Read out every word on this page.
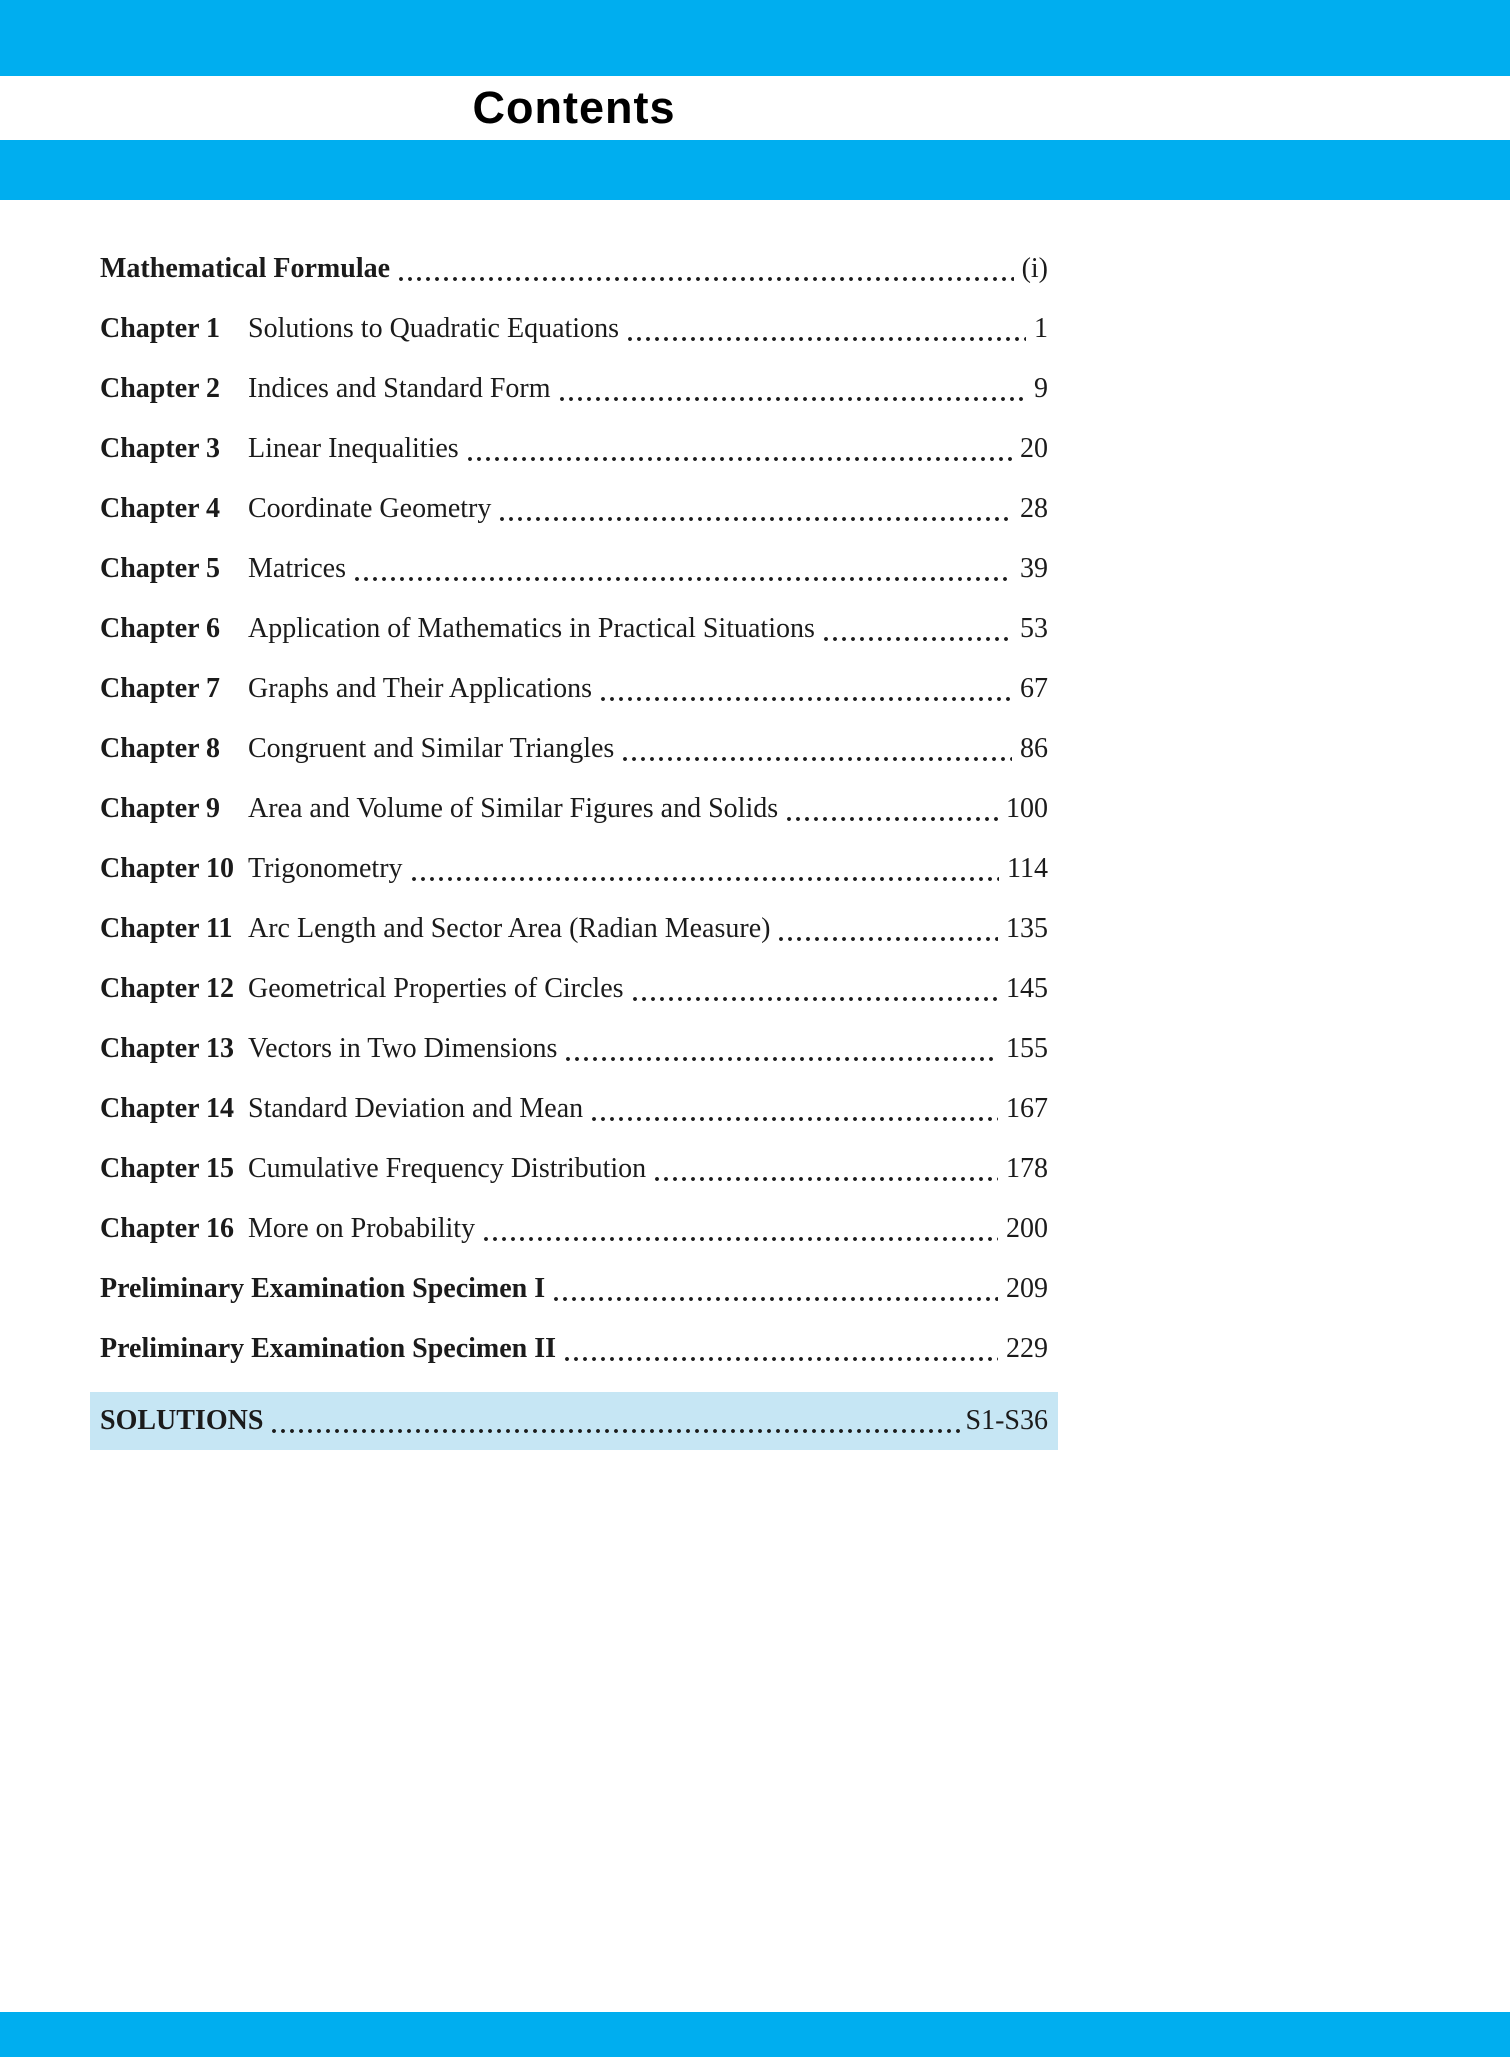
Contents
Mathematical Formulae	(i)
Chapter 1 Solutions to Quadratic Equations	1
Chapter 2 Indices and Standard Form	9
Chapter 3 Linear Inequalities	20
Chapter 4 Coordinate Geometry	28
Chapter 5 Matrices	39
Chapter 6 Application of Mathematics in Practical Situations	53
Chapter 7 Graphs and Their Applications	67
Chapter 8 Congruent and Similar Triangles	86
Chapter 9 Area and Volume of Similar Figures and Solids	100
Chapter 10 Trigonometry	114
Chapter 11 Arc Length and Sector Area (Radian Measure)	135
Chapter 12 Geometrical Properties of Circles	145
Chapter 13 Vectors in Two Dimensions	155
Chapter 14 Standard Deviation and Mean	167
Chapter 15 Cumulative Frequency Distribution	178
Chapter 16 More on Probability	200
Preliminary Examination Specimen I	209
Preliminary Examination Specimen II	229
SOLUTIONS	S1-S36
